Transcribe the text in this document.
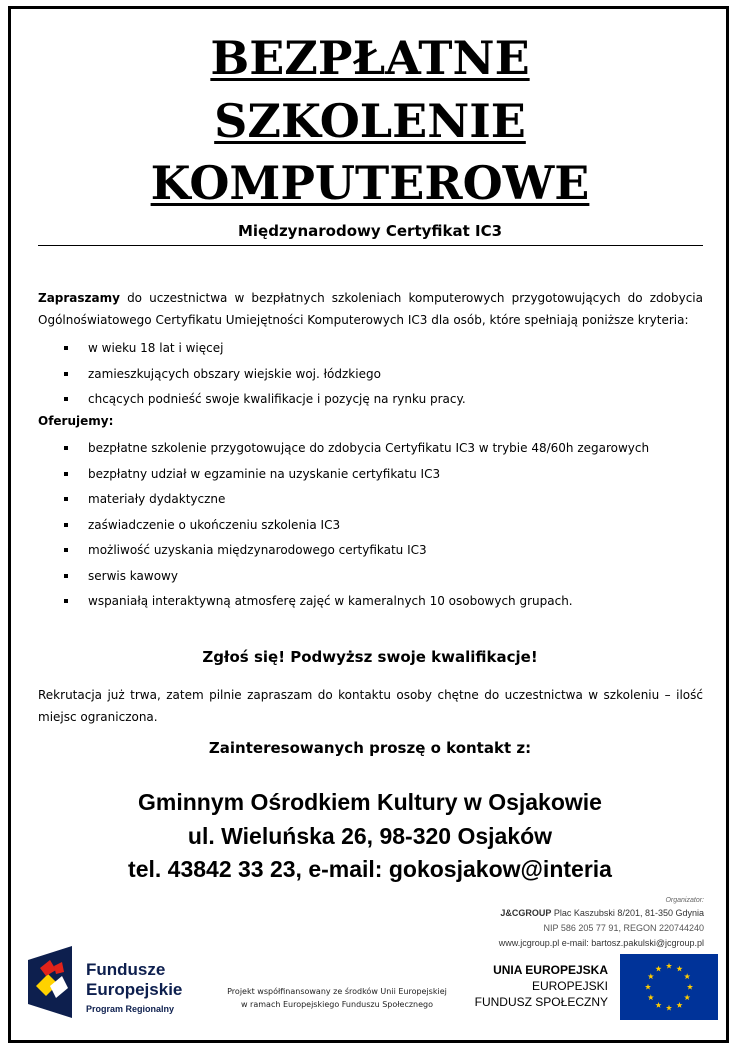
BEZPŁATNE
SZKOLENIE
KOMPUTEROWE
Międzynarodowy Certyfikat IC3
Zapraszamy do uczestnictwa w bezpłatnych szkoleniach komputerowych przygotowujących do zdobycia Ogólnoświatowego Certyfikatu Umiejętności Komputerowych IC3 dla osób, które spełniają poniższe kryteria:
w wieku 18 lat i więcej
zamieszkujących obszary wiejskie woj. łódzkiego
chcących podnieść swoje kwalifikacje i pozycję na rynku pracy.
Oferujemy:
bezpłatne szkolenie przygotowujące do zdobycia Certyfikatu IC3 w trybie 48/60h zegarowych
bezpłatny udział w egzaminie na uzyskanie certyfikatu IC3
materiały dydaktyczne
zaświadczenie o ukończeniu szkolenia IC3
możliwość uzyskania międzynarodowego certyfikatu IC3
serwis kawowy
wspaniałą interaktywną atmosferę zajęć w kameralnych 10 osobowych grupach.
Zgłoś się! Podwyższ swoje kwalifikacje!
Rekrutacja już trwa, zatem pilnie zapraszam do kontaktu osoby chętne do uczestnictwa w szkoleniu – ilość miejsc ograniczona.
Zainteresowanych proszę o kontakt z:
Gminnym Ośrodkiem Kultury w Osjakowie
ul. Wieluńska 26, 98-320 Osjaków
tel. 43842 33 23, e-mail: gokosjakow@interia
Organizator:
J&CGROUP Plac Kaszubski 8/201, 81-350 Gdynia
NIP 586 205 77 91, REGON 220744240
www.jcgroup.pl e-mail: bartosz.pakulski@jcgroup.pl
Fundusze
Europejskie
Program Regionalny
Projekt współfinansowany ze środków Unii Europejskiej
w ramach Europejskiego Funduszu Społecznego
UNIA EUROPEJSKA
EUROPEJSKI
FUNDUSZ SPOŁECZNY
